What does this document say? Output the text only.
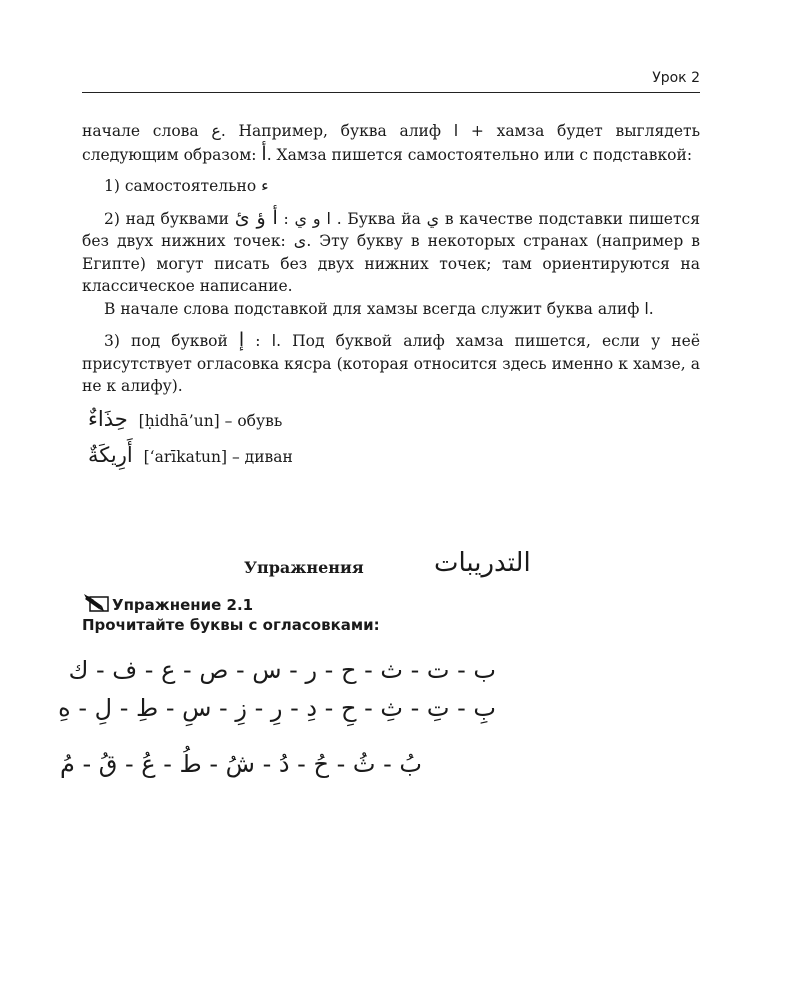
Урок 2

начале слова ع. Например, буква алиф ا + хамза будет выглядеть следующим образом: أ. Хамза пишется самостоятельно или с подставкой:

1) самостоятельно ء

2) над буквами أ ؤ ئ : ا و ي . Буква йа ي в качестве подставки пишется без двух нижних точек: ى. Эту букву в некоторых странах (например в Египте) могут писать без двух нижних точек; там ориентируются на классическое написание.

В начале слова подставкой для хамзы всегда служит буква алиф ا.

3) под буквой إ : ا. Под буквой алиф хамза пишется, если у неё присутствует огласовка кясра (которая относится здесь именно к хамзе, а не к алифу).

حِذَاءٌ [ḥidhā’un] – обувь
أَرِيكَةٌ [‘arīkatun] – диван
Упражнения	التدريبات
Упражнение 2.1
Прочитайте буквы с огласовками:
ب - ت - ث - ح - ر - س - ص - ع - ف - ك
بِ - تِ - ثِ - حِ - دِ - رِ - زِ - سِ - طِ - لِ - هِ
بُ - ثُ - حُ - دُ - شُ - طُ - عُ - قُ - مُ
